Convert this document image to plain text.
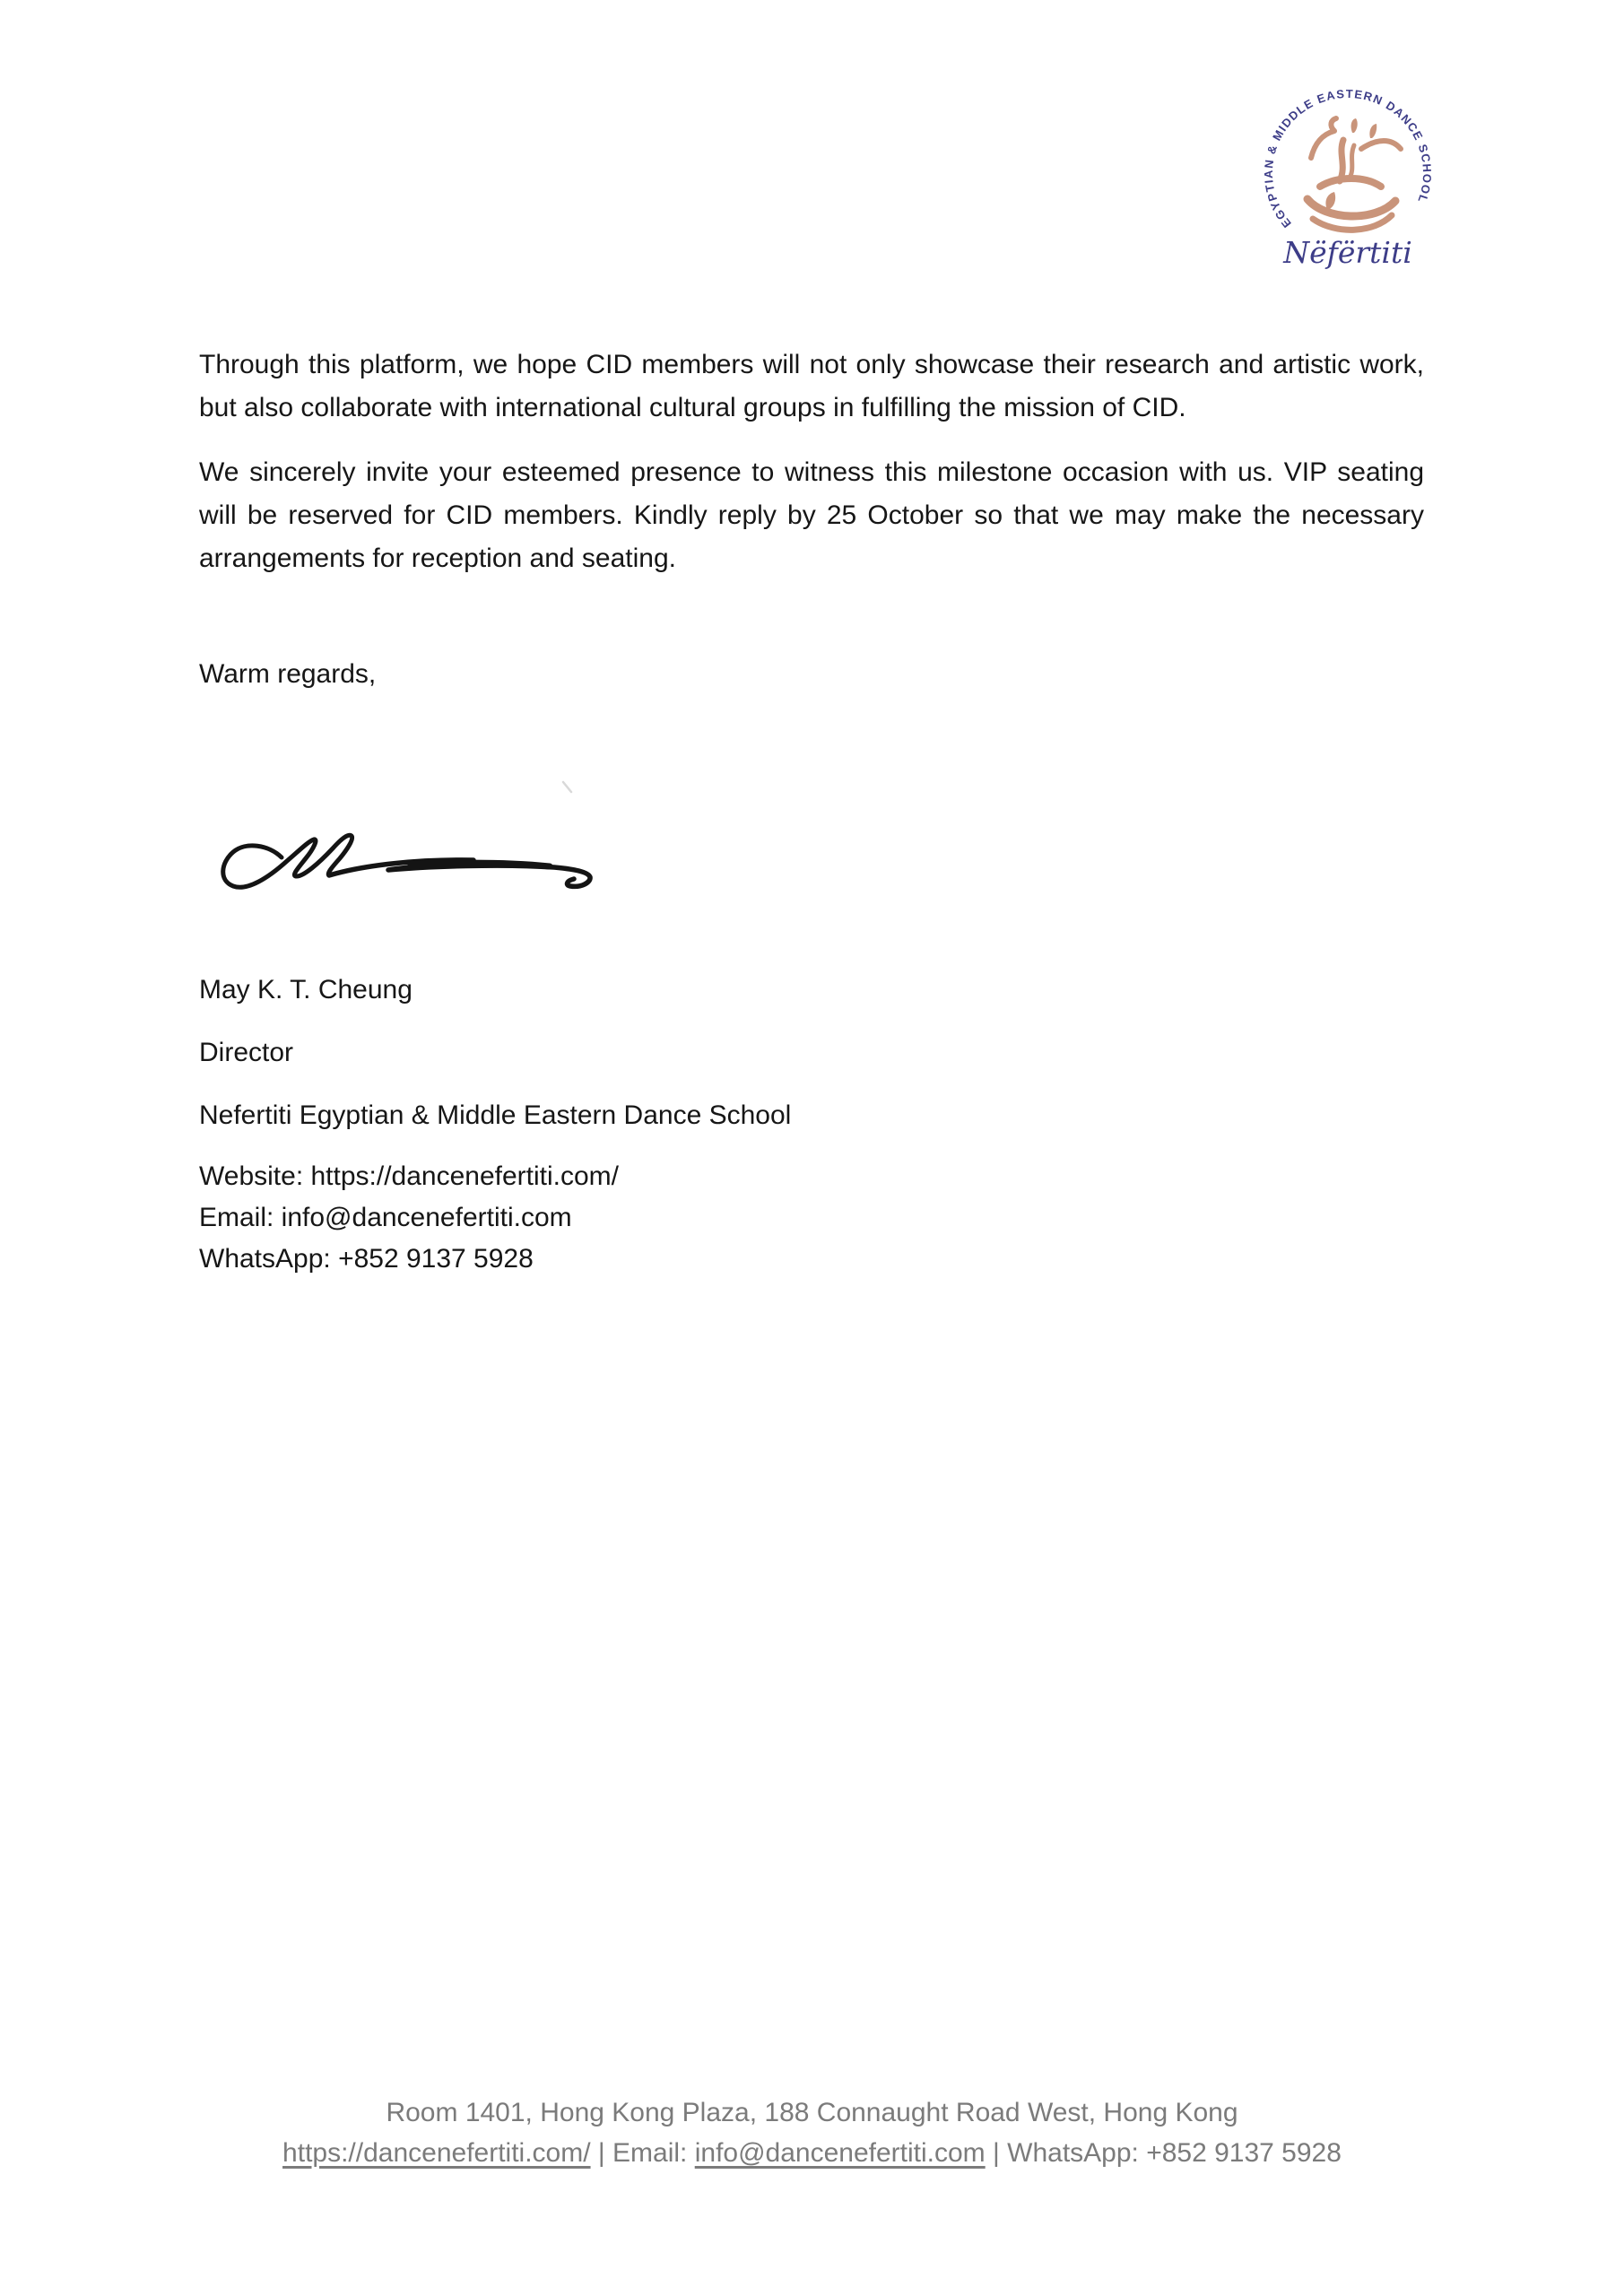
EGYPTIAN & MIDDLE EASTERN DANCE SCHOOL
Nëfërtiti

Through this platform, we hope CID members will not only showcase their research and artistic work, but also collaborate with international cultural groups in fulfilling the mission of CID.

We sincerely invite your esteemed presence to witness this milestone occasion with us. VIP seating will be reserved for CID members. Kindly reply by 25 October so that we may make the necessary arrangements for reception and seating.

Warm regards,
May K. T. Cheung
Director
Nefertiti Egyptian & Middle Eastern Dance School
Website: https://dancenefertiti.com/
Email: info@dancenefertiti.com
WhatsApp: +852 9137 5928
Room 1401, Hong Kong Plaza, 188 Connaught Road West, Hong Kong
https://dancenefertiti.com/ | Email: info@dancenefertiti.com | WhatsApp: +852 9137 5928
